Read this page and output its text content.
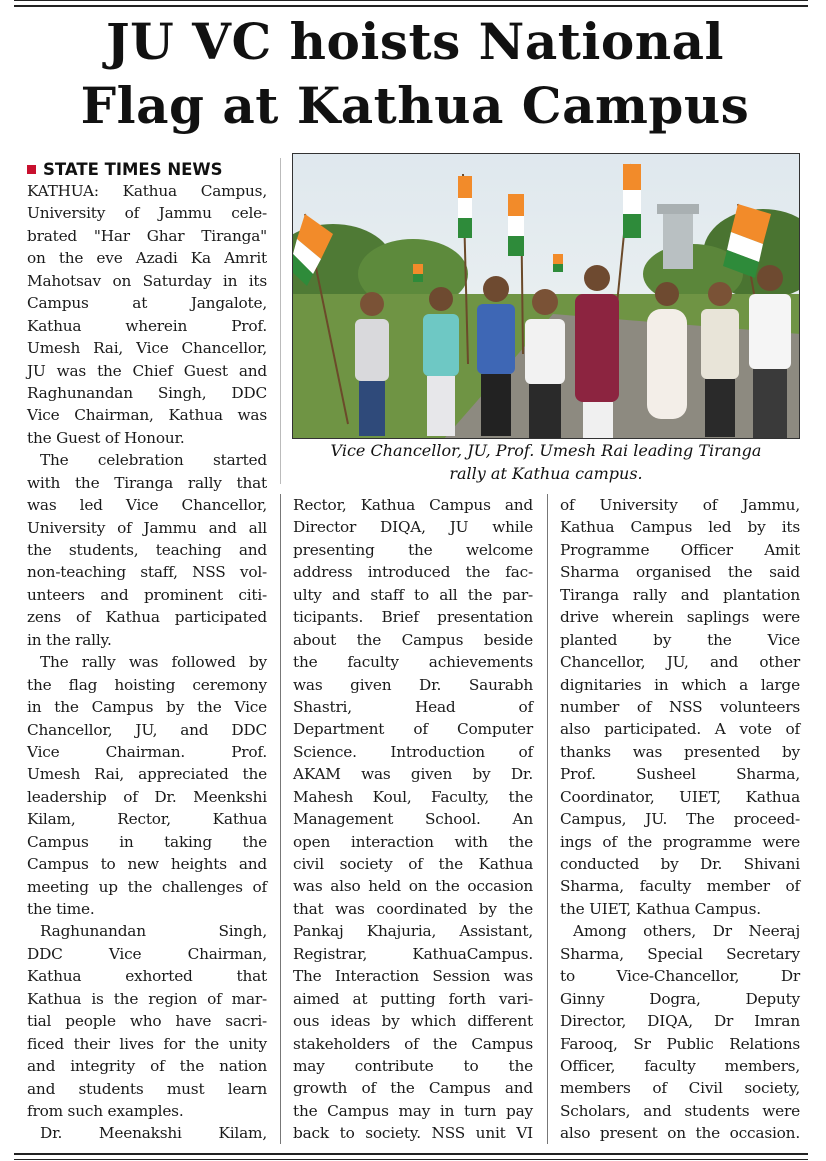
JU VC hoists National
Flag at Kathua Campus
STATE TIMES NEWS
Vice Chancellor, JU, Prof. Umesh Rai leading Tiranga
rally at Kathua campus.
KATHUA: Kathua Campus,
University of Jammu cele-
brated "Har Ghar Tiranga"
on the eve Azadi Ka Amrit
Mahotsav on Saturday in its
Campus at Jangalote,
Kathua wherein Prof.
Umesh Rai, Vice Chancellor,
JU was the Chief Guest and
Raghunandan Singh, DDC
Vice Chairman, Kathua was
the Guest of Honour.
The celebration started
with the Tiranga rally that
was led Vice Chancellor,
University of Jammu and all
the students, teaching and
non-teaching staff, NSS vol-
unteers and prominent citi-
zens of Kathua participated
in the rally.
The rally was followed by
the flag hoisting ceremony
in the Campus by the Vice
Chancellor, JU, and DDC
Vice Chairman. Prof.
Umesh Rai, appreciated the
leadership of Dr. Meenkshi
Kilam, Rector, Kathua
Campus in taking the
Campus to new heights and
meeting up the challenges of
the time.
Raghunandan Singh,
DDC Vice Chairman,
Kathua exhorted that
Kathua is the region of mar-
tial people who have sacri-
ficed their lives for the unity
and integrity of the nation
and students must learn
from such examples.
Dr. Meenakshi Kilam,
Rector, Kathua Campus and
Director DIQA, JU while
presenting the welcome
address introduced the fac-
ulty and staff to all the par-
ticipants. Brief presentation
about the Campus beside
the faculty achievements
was given Dr. Saurabh
Shastri, Head of
Department of Computer
Science. Introduction of
AKAM was given by Dr.
Mahesh Koul, Faculty, the
Management School. An
open interaction with the
civil society of the Kathua
was also held on the occasion
that was coordinated by the
Pankaj Khajuria, Assistant,
Registrar, KathuaCampus.
The Interaction Session was
aimed at putting forth vari-
ous ideas by which different
stakeholders of the Campus
may contribute to the
growth of the Campus and
the Campus may in turn pay
back to society. NSS unit VI
of University of Jammu,
Kathua Campus led by its
Programme Officer Amit
Sharma organised the said
Tiranga rally and plantation
drive wherein saplings were
planted by the Vice
Chancellor, JU, and other
dignitaries in which a large
number of NSS volunteers
also participated. A vote of
thanks was presented by
Prof. Susheel Sharma,
Coordinator, UIET, Kathua
Campus, JU. The proceed-
ings of the programme were
conducted by Dr. Shivani
Sharma, faculty member of
the UIET, Kathua Campus.
Among others, Dr Neeraj
Sharma, Special Secretary
to Vice-Chancellor, Dr
Ginny Dogra, Deputy
Director, DIQA, Dr Imran
Farooq, Sr Public Relations
Officer, faculty members,
members of Civil society,
Scholars, and students were
also present on the occasion.
